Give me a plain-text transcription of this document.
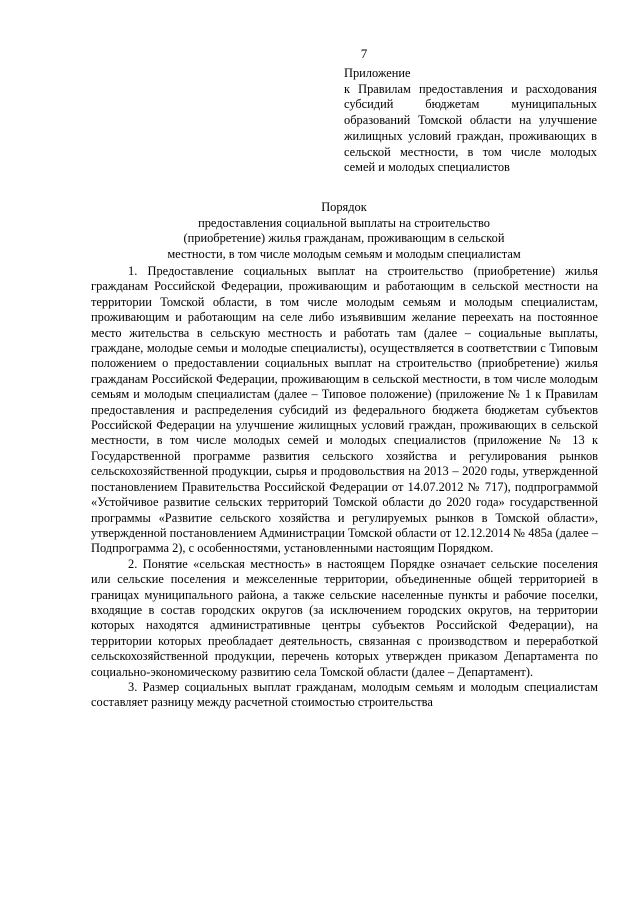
7
Приложение
к Правилам предоставления и расходования субсидий бюджетам муниципальных образований Томской области на улучшение жилищных условий граждан, проживающих в сельской местности, в том числе молодых семей и молодых специалистов
Порядок
предоставления социальной выплаты на строительство
(приобретение) жилья гражданам, проживающим в сельской
местности, в том числе молодым семьям и молодым специалистам

1. Предоставление социальных выплат на строительство (приобретение) жилья гражданам Российской Федерации, проживающим и работающим в сельской местности на территории Томской области, в том числе молодым семьям и молодым специалистам, проживающим и работающим на селе либо изъявившим желание переехать на постоянное место жительства в сельскую местность и работать там (далее – социальные выплаты, граждане, молодые семьи и молодые специалисты), осуществляется в соответствии с Типовым положением о предоставлении социальных выплат на строительство (приобретение) жилья гражданам Российской Федерации, проживающим в сельской местности, в том числе молодым семьям и молодым специалистам (далее – Типовое положение) (приложение № 1 к Правилам предоставления и распределения субсидий из федерального бюджета бюджетам субъектов Российской Федерации на улучшение жилищных условий граждан, проживающих в сельской местности, в том числе молодых семей и молодых специалистов (приложение № 13 к Государственной программе развития сельского хозяйства и регулирования рынков сельскохозяйственной продукции, сырья и продовольствия на 2013 – 2020 годы, утвержденной постановлением Правительства Российской Федерации от 14.07.2012 № 717), подпрограммой «Устойчивое развитие сельских территорий Томской области до 2020 года» государственной программы «Развитие сельского хозяйства и регулируемых рынков в Томской области», утвержденной постановлением Администрации Томской области от 12.12.2014 № 485а (далее – Подпрограмма 2), с особенностями, установленными настоящим Порядком.

2. Понятие «сельская местность» в настоящем Порядке означает сельские поселения или сельские поселения и межселенные территории, объединенные общей территорией в границах муниципального района, а также сельские населенные пункты и рабочие поселки, входящие в состав городских округов (за исключением городских округов, на территории которых находятся административные центры субъектов Российской Федерации), на территории которых преобладает деятельность, связанная с производством и переработкой сельскохозяйственной продукции, перечень которых утвержден приказом Департамента по социально-экономическому развитию села Томской области (далее – Департамент).

3. Размер социальных выплат гражданам, молодым семьям и молодым специалистам составляет разницу между расчетной стоимостью строительства
